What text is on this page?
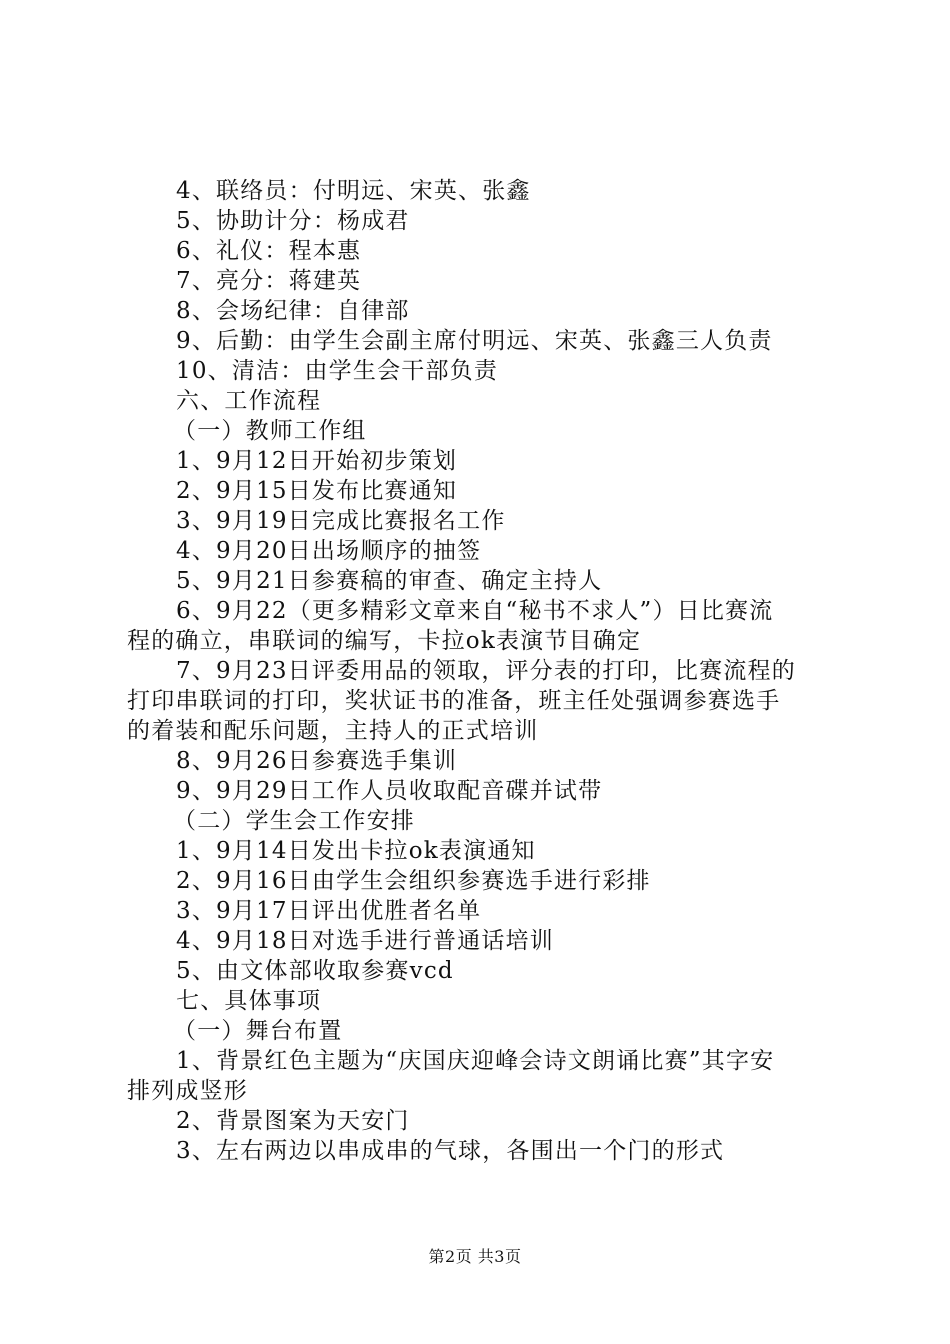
4、联络员：付明远、宋英、张鑫
5、协助计分：杨成君
6、礼仪：程本惠
7、亮分：蒋建英
8、会场纪律：自律部
9、后勤：由学生会副主席付明远、宋英、张鑫三人负责
10、清洁：由学生会干部负责
六、工作流程
（一）教师工作组
1、9月12日开始初步策划
2、9月15日发布比赛通知
3、9月19日完成比赛报名工作
4、9月20日出场顺序的抽签
5、9月21日参赛稿的审查、确定主持人
6、9月22（更多精彩文章来自“秘书不求人”）日比赛流
程的确立，串联词的编写，卡拉ok表演节目确定
7、9月23日评委用品的领取，评分表的打印，比赛流程的
打印串联词的打印，奖状证书的准备，班主任处强调参赛选手
的着装和配乐问题，主持人的正式培训
8、9月26日参赛选手集训
9、9月29日工作人员收取配音碟并试带
（二）学生会工作安排
1、9月14日发出卡拉ok表演通知
2、9月16日由学生会组织参赛选手进行彩排
3、9月17日评出优胜者名单
4、9月18日对选手进行普通话培训
5、由文体部收取参赛vcd
七、具体事项
（一）舞台布置
1、背景红色主题为“庆国庆迎峰会诗文朗诵比赛”其字安
排列成竖形
2、背景图案为天安门
3、左右两边以串成串的气球，各围出一个门的形式
第2页 共3页
